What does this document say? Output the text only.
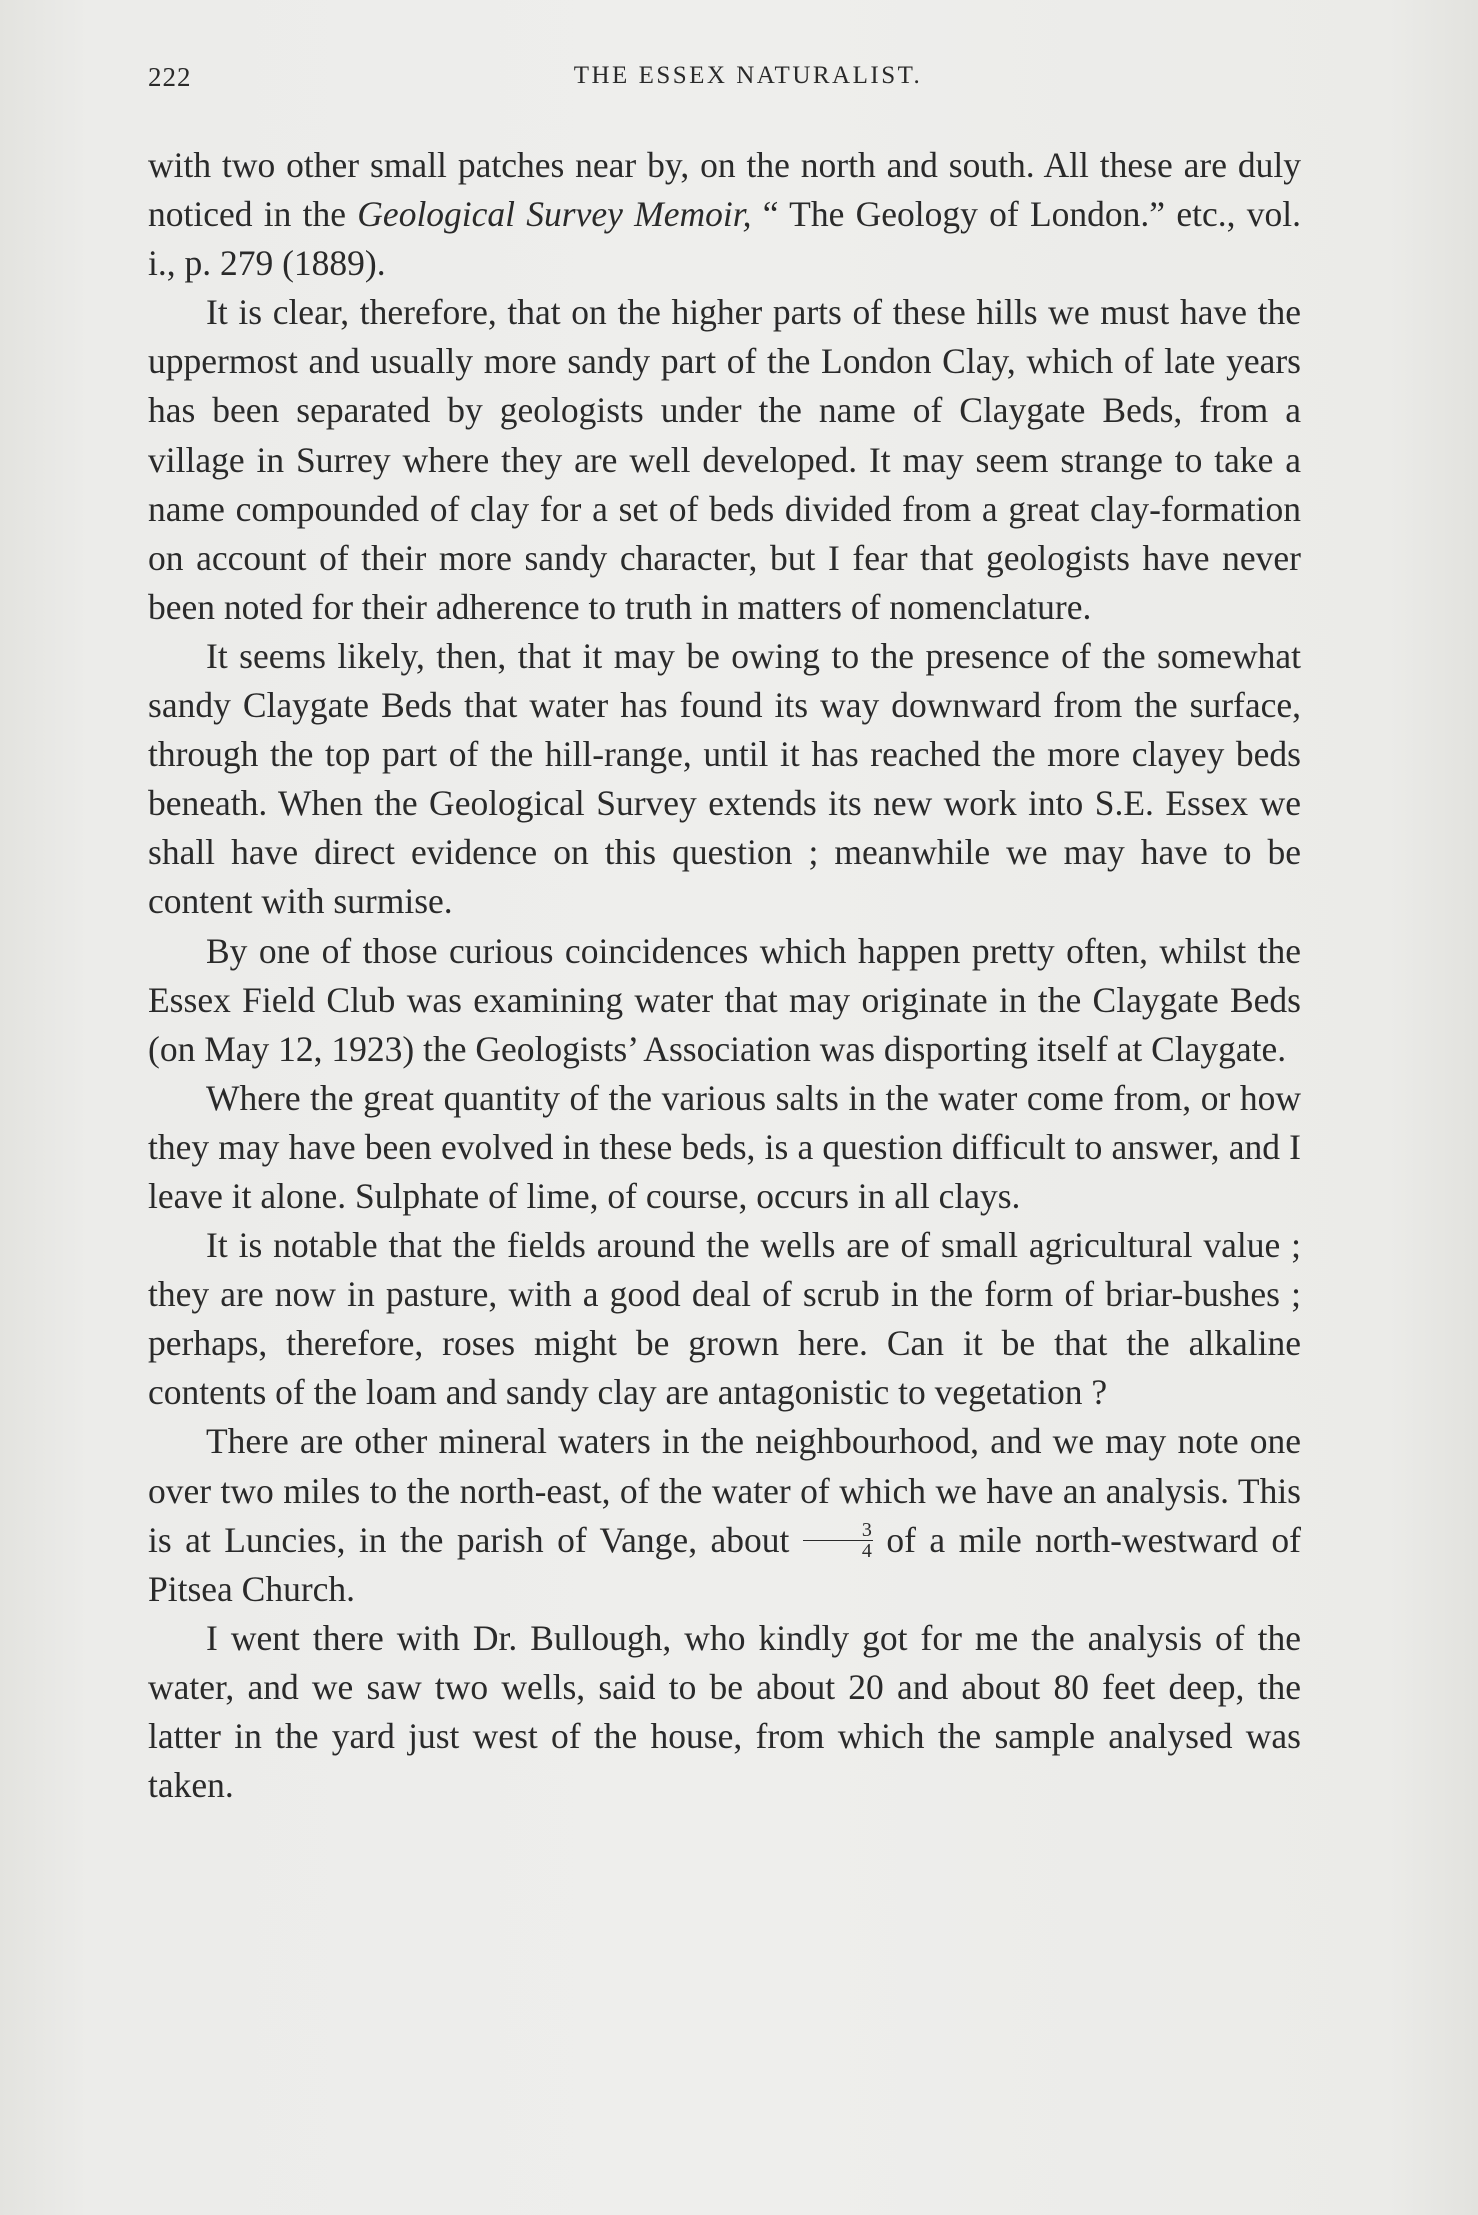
222	THE ESSEX NATURALIST.

with two other small patches near by, on the north and south. All these are duly noticed in the Geological Survey Memoir, “ The Geology of London.” etc., vol. i., p. 279 (1889).

It is clear, therefore, that on the higher parts of these hills we must have the uppermost and usually more sandy part of the London Clay, which of late years has been separated by geologists under the name of Claygate Beds, from a village in Surrey where they are well developed. It may seem strange to take a name compounded of clay for a set of beds divided from a great clay-formation on account of their more sandy character, but I fear that geologists have never been noted for their adherence to truth in matters of nomenclature.

It seems likely, then, that it may be owing to the presence of the somewhat sandy Claygate Beds that water has found its way downward from the surface, through the top part of the hill-range, until it has reached the more clayey beds beneath. When the Geological Survey extends its new work into S.E. Essex we shall have direct evidence on this question ; meanwhile we may have to be content with surmise.

By one of those curious coincidences which happen pretty often, whilst the Essex Field Club was examining water that may originate in the Claygate Beds (on May 12, 1923) the Geologists’ Association was disporting itself at Claygate.

Where the great quantity of the various salts in the water come from, or how they may have been evolved in these beds, is a question difficult to answer, and I leave it alone. Sulphate of lime, of course, occurs in all clays.

It is notable that the fields around the wells are of small agricultural value ; they are now in pasture, with a good deal of scrub in the form of briar-bushes ; perhaps, therefore, roses might be grown here. Can it be that the alkaline contents of the loam and sandy clay are antagonistic to vegetation ?

There are other mineral waters in the neighbourhood, and we may note one over two miles to the north-east, of the water of which we have an analysis. This is at Luncies, in the parish of Vange, about $\frac{3}{4}$ of a mile north-westward of Pitsea Church.

I went there with Dr. Bullough, who kindly got for me the analysis of the water, and we saw two wells, said to be about 20 and about 80 feet deep, the latter in the yard just west of the house, from which the sample analysed was taken.
